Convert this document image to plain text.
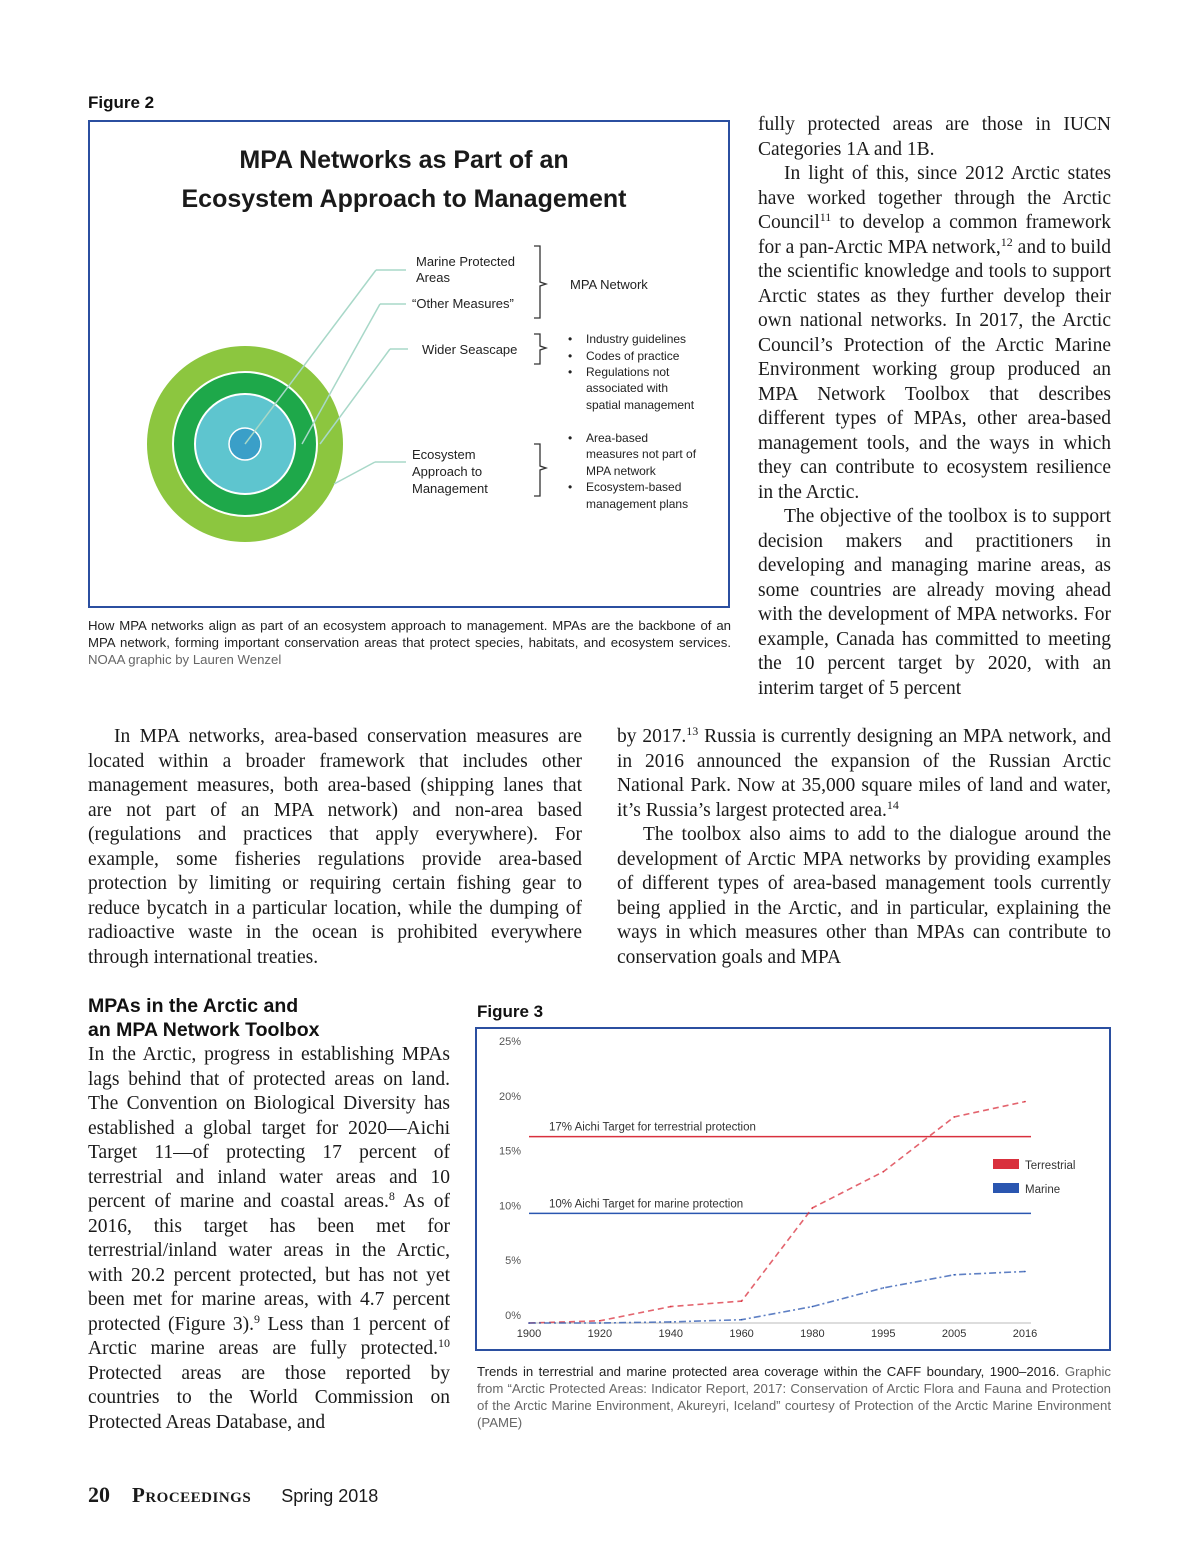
Figure 2
MPA Networks as Part of an
Ecosystem Approach to Management
Marine Protected
Areas
“Other Measures”
MPA Network
Wider Seascape
Ecosystem
Approach to
Management
• Industry guidelines
• Codes of practice
• Regulations not
associated with
spatial management
• Area-based
measures not part of
MPA network
• Ecosystem-based
management plans
How MPA networks align as part of an ecosystem approach to management. MPAs are the backbone of an MPA network, forming important conservation areas that protect species, habitats, and ecosystem services. NOAA graphic by Lauren Wenzel

fully protected areas are those in IUCN Categories 1A and 1B.

In light of this, since 2012 Arctic states have worked together through the Arctic Council$^{11}$ to develop a common framework for a pan-Arctic MPA network,$^{12}$ and to build the scientific knowledge and tools to support Arctic states as they further develop their own national networks. In 2017, the Arctic Council’s Protection of the Arctic Marine Environment working group produced an MPA Network Toolbox that describes different types of MPAs, other area-based management tools, and the ways in which they can contribute to ecosystem resilience in the Arctic.

The objective of the toolbox is to support decision makers and practitioners in developing and managing marine areas, as some countries are already moving ahead with the development of MPA networks. For example, Canada has committed to meeting the 10 percent target by 2020, with an interim target of 5 percent

In MPA networks, area-based conservation measures are located within a broader framework that includes other management measures, both area-based (shipping lanes that are not part of an MPA network) and non-area based (regulations and practices that apply everywhere). For example, some fisheries regulations provide area-based protection by limiting or requiring certain fishing gear to reduce bycatch in a particular location, while the dumping of radioactive waste in the ocean is prohibited everywhere through international treaties.

by 2017.13 Russia is currently designing an MPA network, and in 2016 announced the expansion of the Russian Arctic National Park. Now at 35,000 square miles of land and water, it’s Russia’s largest protected area.$^{14}$

The toolbox also aims to add to the dialogue around the development of Arctic MPA networks by providing examples of different types of area-based management tools currently being applied in the Arctic, and in particular, explaining the ways in which measures other than MPAs can contribute to conservation goals and MPA

MPAs in the Arctic and
an MPA Network Toolbox

In the Arctic, progress in establishing MPAs lags behind that of protected areas on land. The Convention on Biological Diversity has established a global target for 2020—Aichi Target 11—of protecting 17 percent of terrestrial and inland water areas and 10 percent of marine and coastal areas.$^8$ As of 2016, this target has been met for terrestrial/inland water areas in the Arctic, with 20.2 percent protected, but has not yet been met for marine areas, with 4.7 percent protected (Figure 3).$^9$ Less than 1 percent of Arctic marine areas are fully protected.$^{10}$ Protected areas are those reported by countries to the World Commission on Protected Areas Database, and

Figure 3
0%
5%
10%
15%
20%
25%
1900	1920	1940	1960	1980	1995	2005	2016
17% Aichi Target for terrestrial protection
10% Aichi Target for marine protection
Terrestrial
Marine
Trends in terrestrial and marine protected area coverage within the CAFF boundary, 1900–2016. Graphic from “Arctic Protected Areas: Indicator Report, 2017: Conservation of Arctic Flora and Fauna and Protection of the Arctic Marine Environment, Akureyri, Iceland” courtesy of Protection of the Arctic Marine Environment (PAME)
20 Proceedings Spring 2018
